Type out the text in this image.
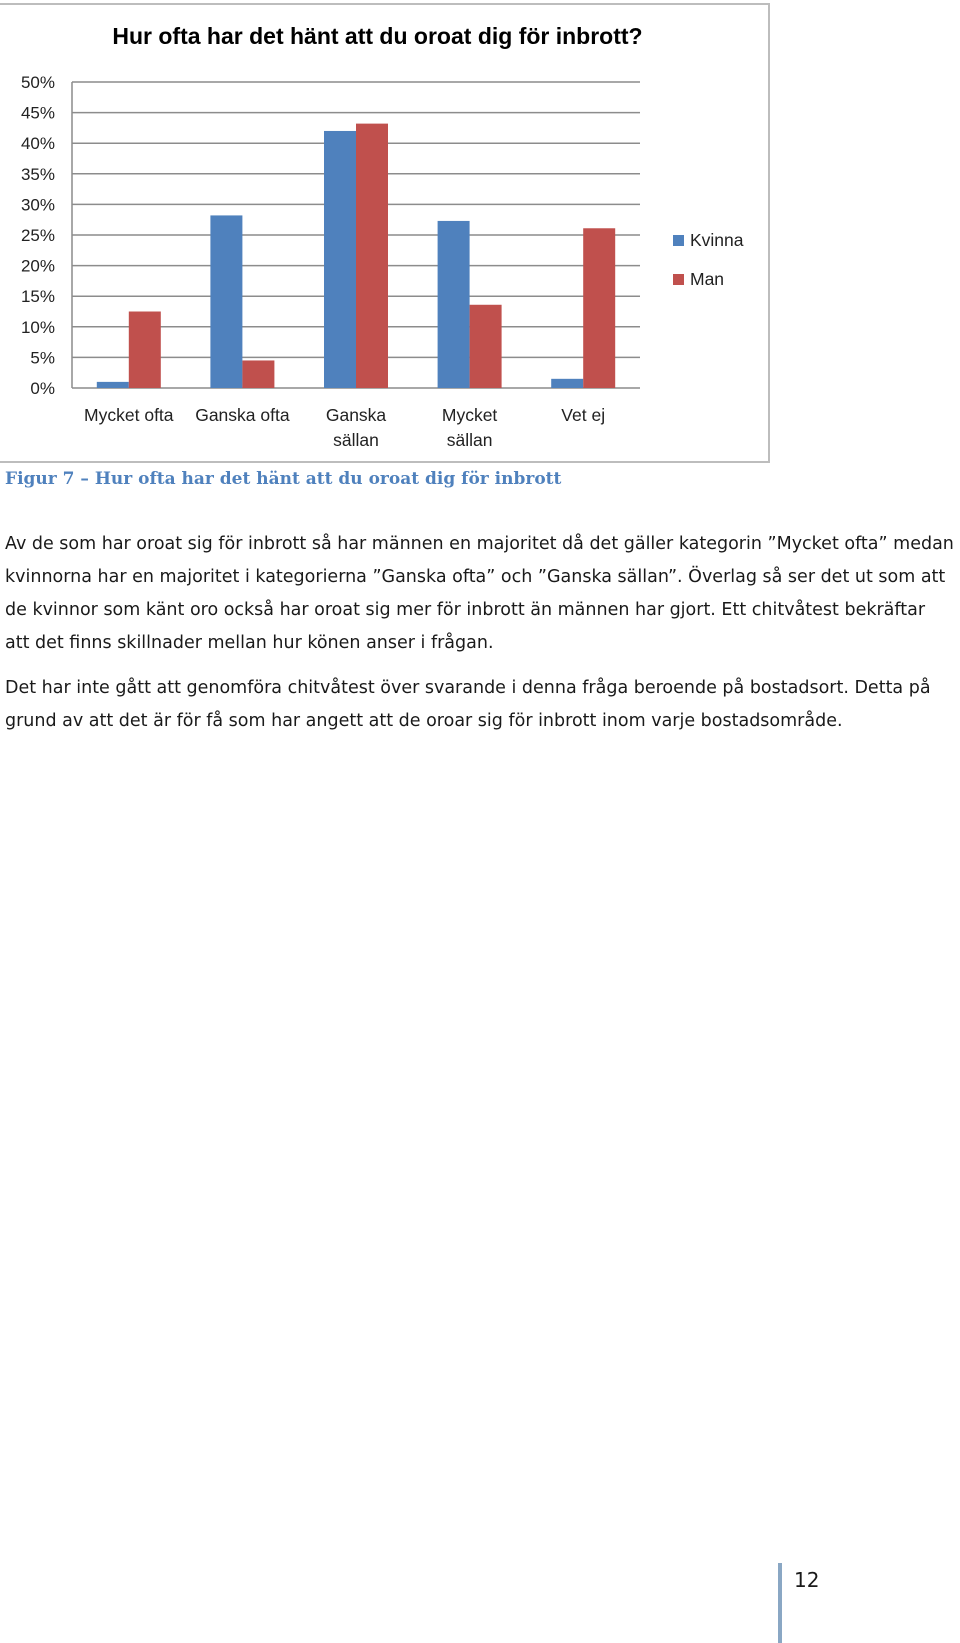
Hur ofta har det hänt att du oroat dig för inbrott?
0%
5%
10%
15%
20%
25%
30%
35%
40%
45%
50%
Mycket ofta Ganska ofta Ganska
sällan
Mycket
sällan
Vet ej
Kvinna
Man
Figur 7 – Hur ofta har det hänt att du oroat dig för inbrott

Av de som har oroat sig för inbrott så har männen en majoritet då det gäller kategorin ”Mycket ofta” medan kvinnorna har en majoritet i kategorierna ”Ganska ofta” och ”Ganska sällan”. Överlag så ser det ut som att de kvinnor som känt oro också har oroat sig mer för inbrott än männen har gjort. Ett chitvåtest bekräftar att det finns skillnader mellan hur könen anser i frågan.

Det har inte gått att genomföra chitvåtest över svarande i denna fråga beroende på bostadsort. Detta på grund av att det är för få som har angett att de oroar sig för inbrott inom varje bostadsområde.

12
